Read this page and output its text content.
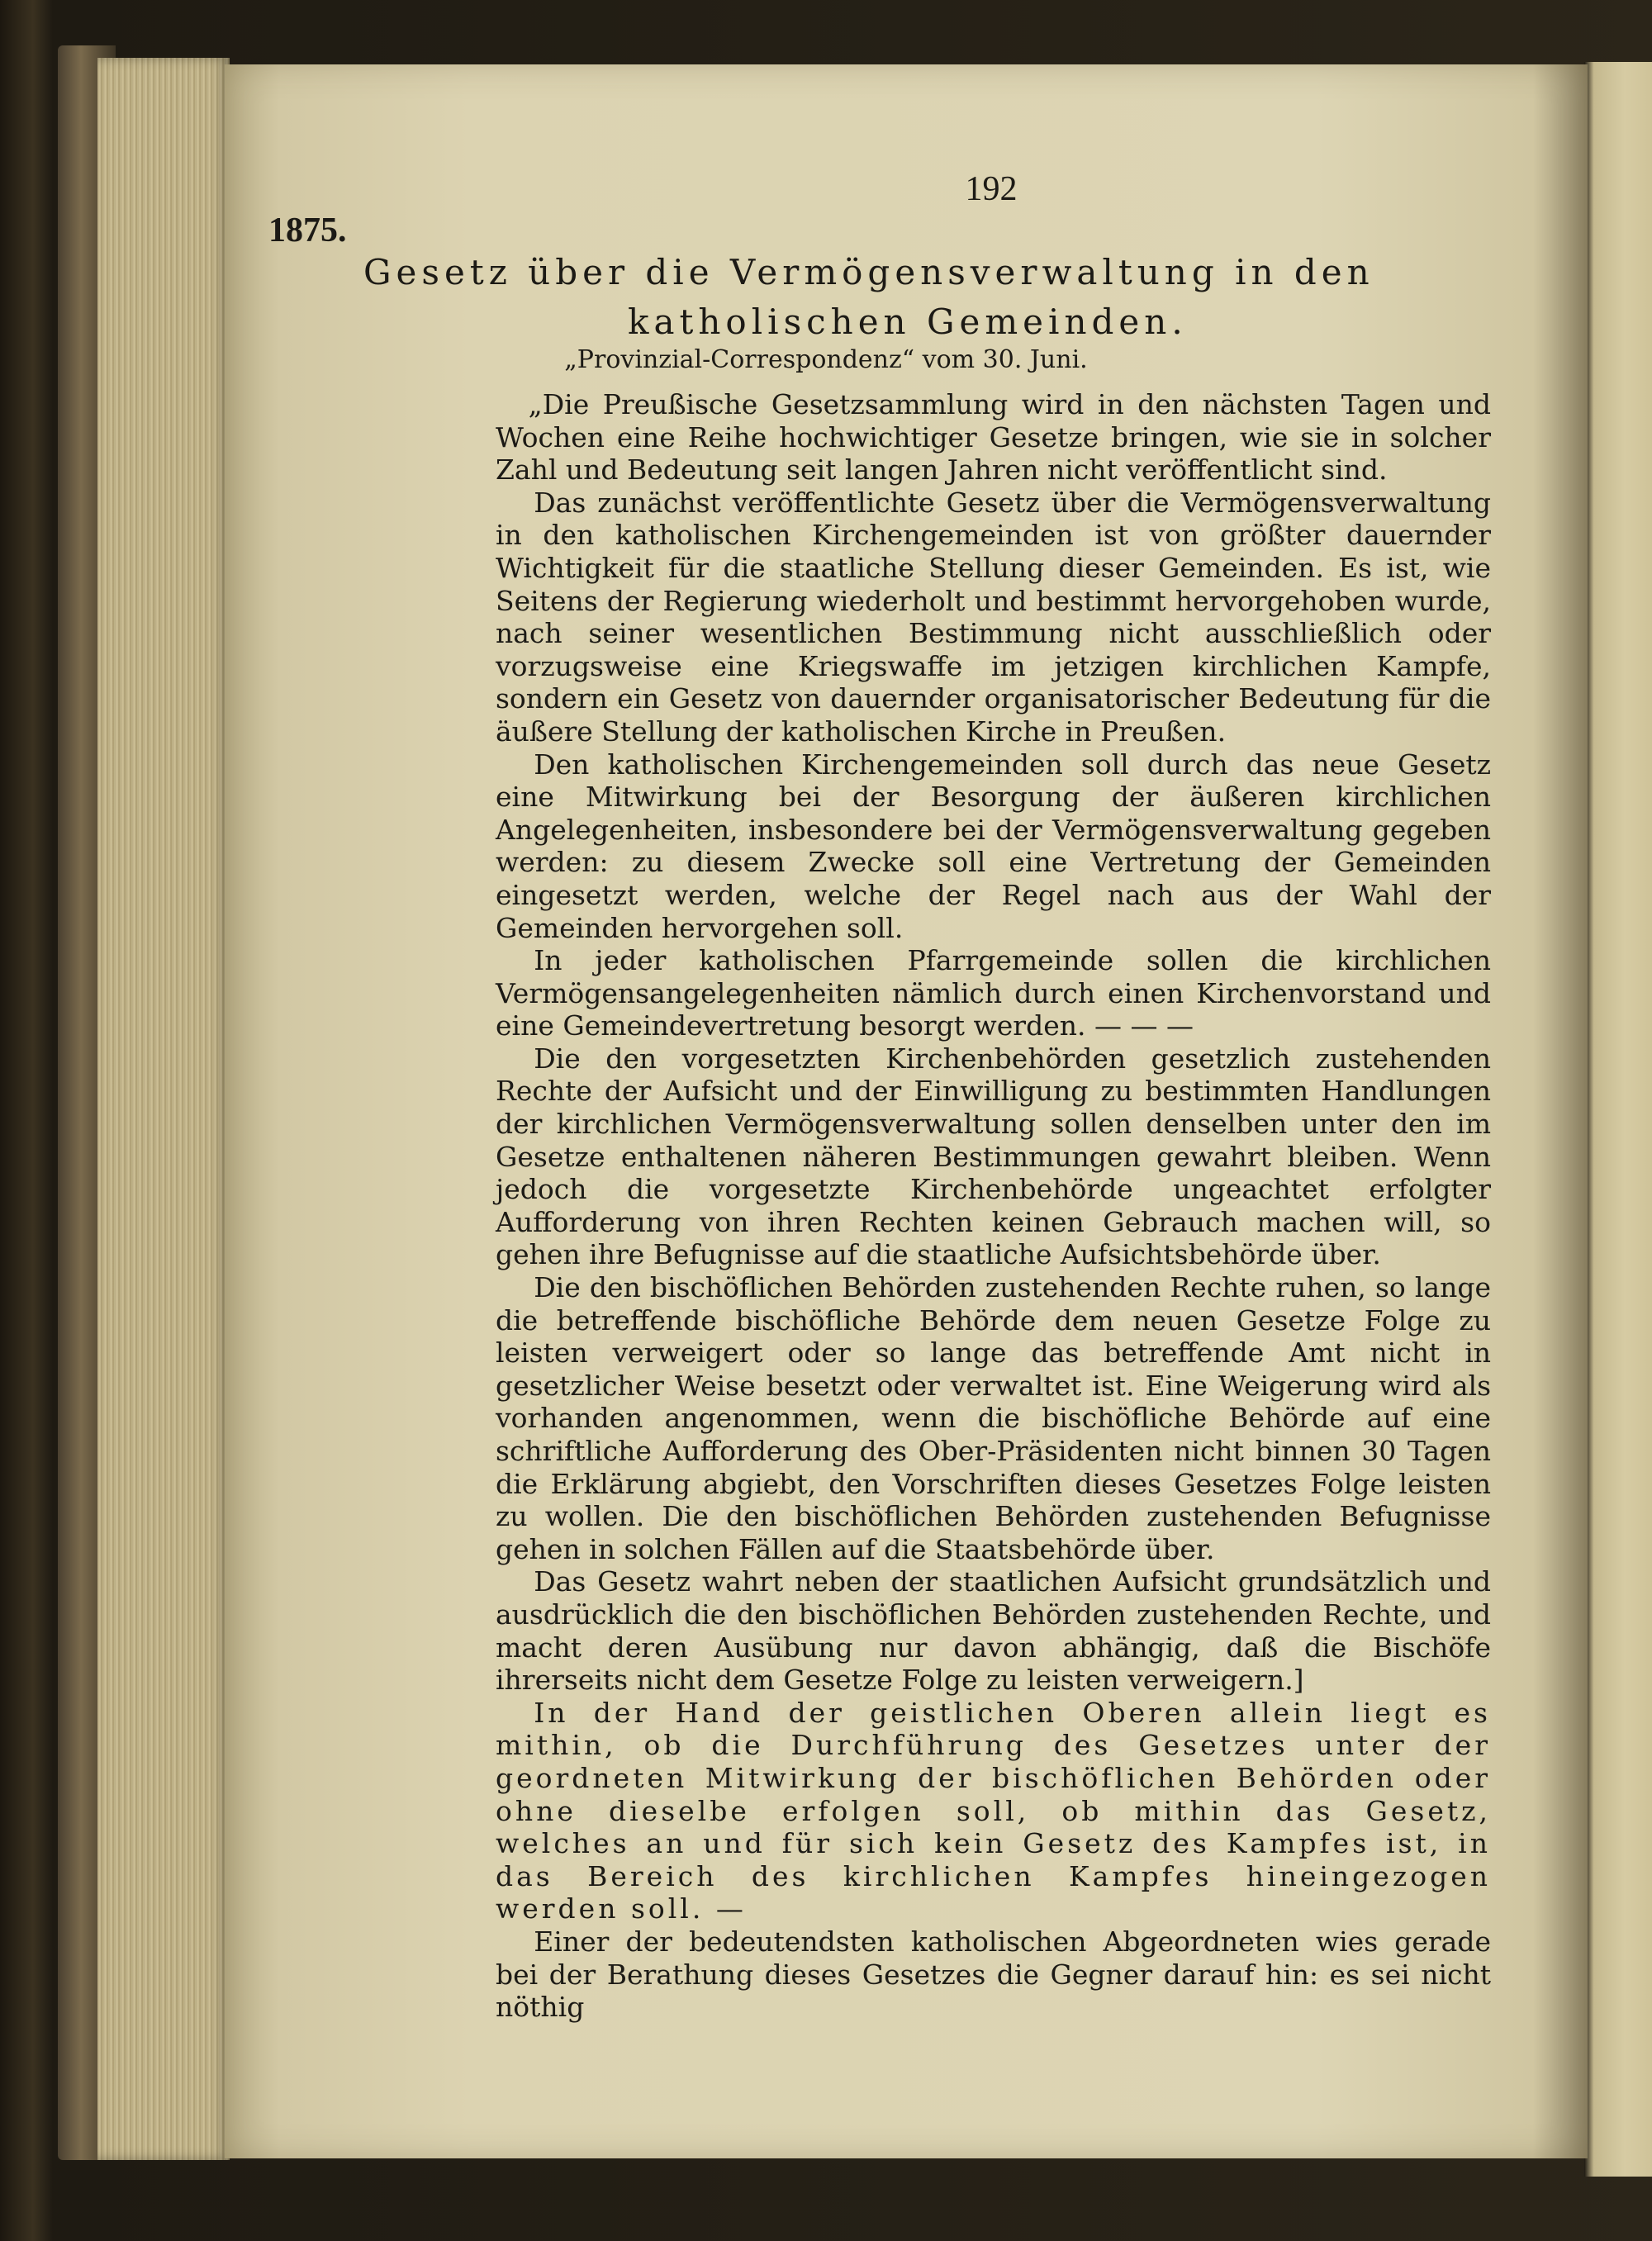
192
1875.
Gesetz über die Vermögensverwaltung in den
katholischen Gemeinden.
„Provinzial-Correspondenz“ vom 30. Juni.

„Die Preußische Gesetzsammlung wird in den nächsten Tagen und Wochen eine Reihe hochwichtiger Gesetze bringen, wie sie in solcher Zahl und Bedeutung seit langen Jahren nicht veröffentlicht sind.

Das zunächst veröffentlichte Gesetz über die Vermögensverwaltung in den katholischen Kirchengemeinden ist von größter dauernder Wichtigkeit für die staatliche Stellung dieser Gemeinden. Es ist, wie Seitens der Regierung wiederholt und bestimmt hervorgehoben wurde, nach seiner wesentlichen Bestimmung nicht ausschließlich oder vorzugsweise eine Kriegswaffe im jetzigen kirchlichen Kampfe, sondern ein Gesetz von dauernder organisatorischer Bedeutung für die äußere Stellung der katholischen Kirche in Preußen.

Den katholischen Kirchengemeinden soll durch das neue Gesetz eine Mitwirkung bei der Besorgung der äußeren kirchlichen Angelegenheiten, insbesondere bei der Vermögensverwaltung gegeben werden: zu diesem Zwecke soll eine Vertretung der Gemeinden eingesetzt werden, welche der Regel nach aus der Wahl der Gemeinden hervorgehen soll.

In jeder katholischen Pfarrgemeinde sollen die kirchlichen Vermögensangelegenheiten nämlich durch einen Kirchenvorstand und eine Gemeindevertretung besorgt werden. — — —

Die den vorgesetzten Kirchenbehörden gesetzlich zustehenden Rechte der Aufsicht und der Einwilligung zu bestimmten Handlungen der kirchlichen Vermögensverwaltung sollen denselben unter den im Gesetze enthaltenen näheren Bestimmungen gewahrt bleiben. Wenn jedoch die vorgesetzte Kirchenbehörde ungeachtet erfolgter Aufforderung von ihren Rechten keinen Gebrauch machen will, so gehen ihre Befugnisse auf die staatliche Aufsichtsbehörde über.

Die den bischöflichen Behörden zustehenden Rechte ruhen, so lange die betreffende bischöfliche Behörde dem neuen Gesetze Folge zu leisten verweigert oder so lange das betreffende Amt nicht in gesetzlicher Weise besetzt oder verwaltet ist. Eine Weigerung wird als vorhanden angenommen, wenn die bischöfliche Behörde auf eine schriftliche Aufforderung des Ober-Präsidenten nicht binnen 30 Tagen die Erklärung abgiebt, den Vorschriften dieses Gesetzes Folge leisten zu wollen. Die den bischöflichen Behörden zustehenden Befugnisse gehen in solchen Fällen auf die Staatsbehörde über.

Das Gesetz wahrt neben der staatlichen Aufsicht grundsätzlich und ausdrücklich die den bischöflichen Behörden zustehenden Rechte, und macht deren Ausübung nur davon abhängig, daß die Bischöfe ihrerseits nicht dem Gesetze Folge zu leisten verweigern.]

In der Hand der geistlichen Oberen allein liegt es mithin, ob die Durchführung des Gesetzes unter der geordneten Mitwirkung der bischöflichen Behörden oder ohne dieselbe erfolgen soll, ob mithin das Gesetz, welches an und für sich kein Gesetz des Kampfes ist, in das Bereich des kirchlichen Kampfes hineingezogen werden soll. —

Einer der bedeutendsten katholischen Abgeordneten wies gerade bei der Berathung dieses Gesetzes die Gegner darauf hin: es sei nicht nöthig
